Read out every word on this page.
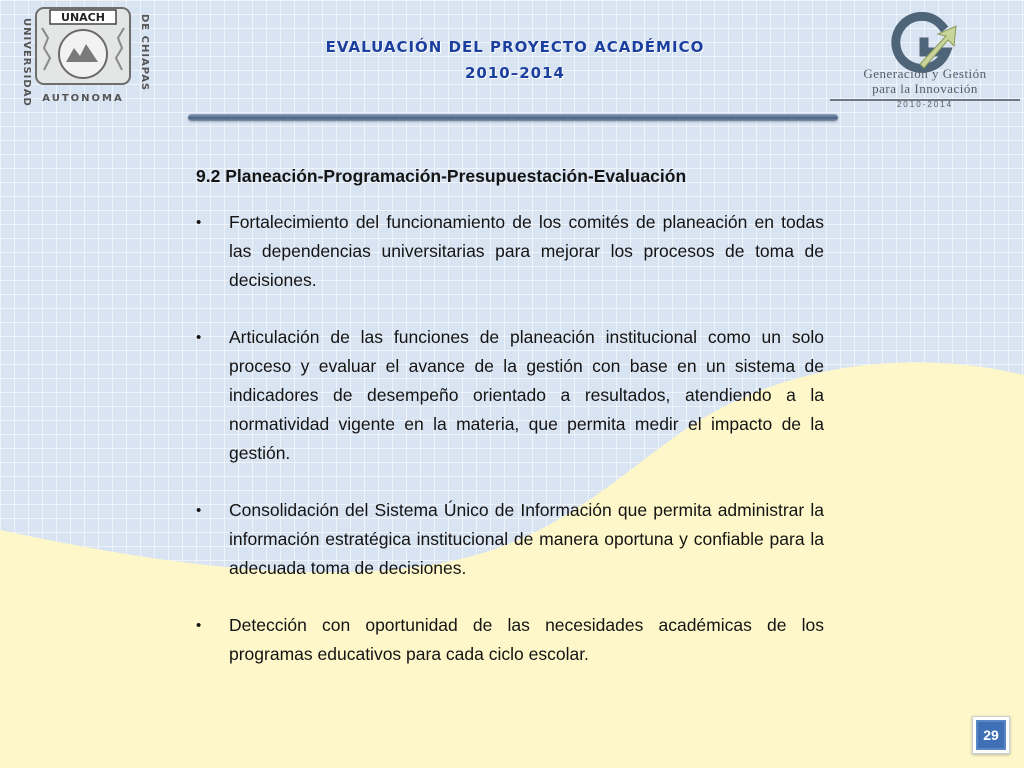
UNIVERSIDAD	DE CHIAPAS
UNACH
AUTONOMA
EVALUACIÓN DEL PROYECTO ACADÉMICO
2010–2014	Generación y Gestión
para la Innovación
2010-2014
9.2 Planeación-Programación-Presupuestación-Evaluación
• Fortalecimiento del funcionamiento de los comités de planeación en todas las dependencias universitarias para mejorar los procesos de toma de decisiones.
• Articulación de las funciones de planeación institucional como un solo proceso y evaluar el avance de la gestión con base en un sistema de indicadores de desempeño orientado a resultados, atendiendo a la normatividad vigente en la materia, que permita medir el impacto de la gestión.
• Consolidación del Sistema Único de Información que permita administrar la información estratégica institucional de manera oportuna y confiable para la adecuada toma de decisiones.
• Detección con oportunidad de las necesidades académicas de los programas educativos para cada ciclo escolar.
29
